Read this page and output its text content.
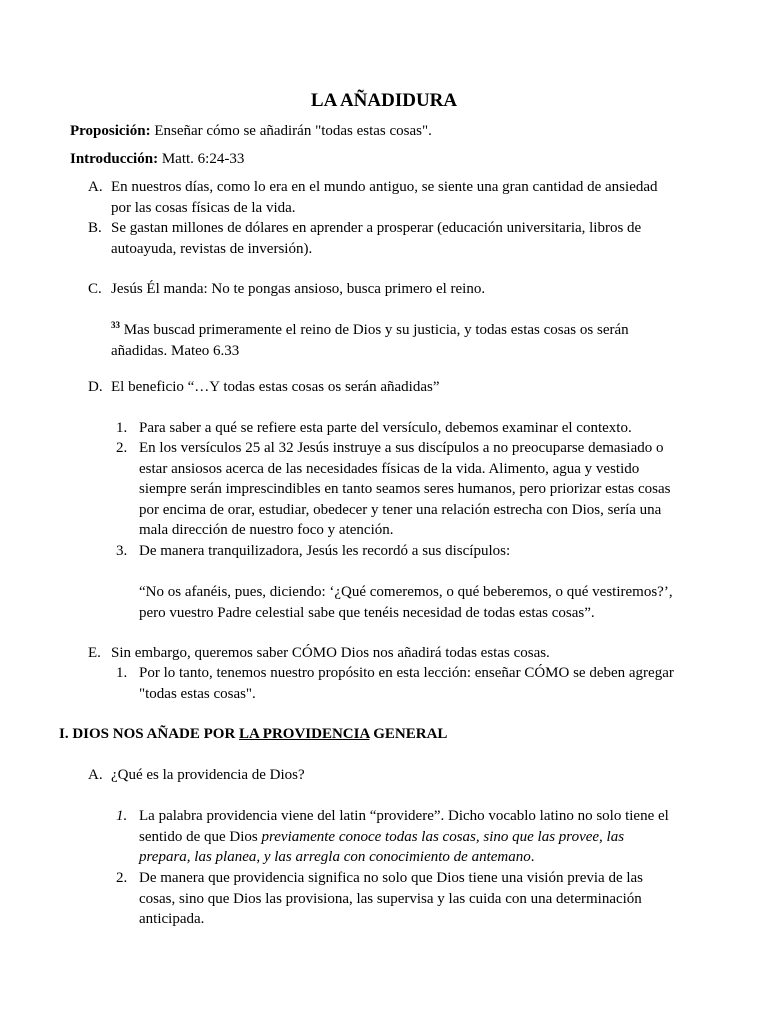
LA AÑADIDURA
Proposición: Enseñar cómo se añadirán "todas estas cosas".
Introducción: Matt. 6:24-33
A. En nuestros días, como lo era en el mundo antiguo, se siente una gran cantidad de ansiedad
por las cosas físicas de la vida.
B. Se gastan millones de dólares en aprender a prosperar (educación universitaria, libros de
autoayuda, revistas de inversión).
C. Jesús Él manda: No te pongas ansioso, busca primero el reino.
$^{33}$ Mas buscad primeramente el reino de Dios y su justicia, y todas estas cosas os serán
añadidas. Mateo 6.33
D. El beneficio “…Y todas estas cosas os serán añadidas”
1. Para saber a qué se refiere esta parte del versículo, debemos examinar el contexto.
2. En los versículos 25 al 32 Jesús instruye a sus discípulos a no preocuparse demasiado o
estar ansiosos acerca de las necesidades físicas de la vida. Alimento, agua y vestido
siempre serán imprescindibles en tanto seamos seres humanos, pero priorizar estas cosas
por encima de orar, estudiar, obedecer y tener una relación estrecha con Dios, sería una
mala dirección de nuestro foco y atención.
3. De manera tranquilizadora, Jesús les recordó a sus discípulos:
“No os afanéis, pues, diciendo: ‘¿Qué comeremos, o qué beberemos, o qué vestiremos?’,
pero vuestro Padre celestial sabe que tenéis necesidad de todas estas cosas”.
E. Sin embargo, queremos saber CÓMO Dios nos añadirá todas estas cosas.
1. Por lo tanto, tenemos nuestro propósito en esta lección: enseñar CÓMO se deben agregar
"todas estas cosas".
I. DIOS NOS AÑADE POR LA PROVIDENCIA GENERAL
A. ¿Qué es la providencia de Dios?
1. La palabra providencia viene del latin “providere”. Dicho vocablo latino no solo tiene el
sentido de que Dios previamente conoce todas las cosas, sino que las provee, las
prepara, las planea, y las arregla con conocimiento de antemano.
2. De manera que providencia significa no solo que Dios tiene una visión previa de las
cosas, sino que Dios las provisiona, las supervisa y las cuida con una determinación
anticipada.
